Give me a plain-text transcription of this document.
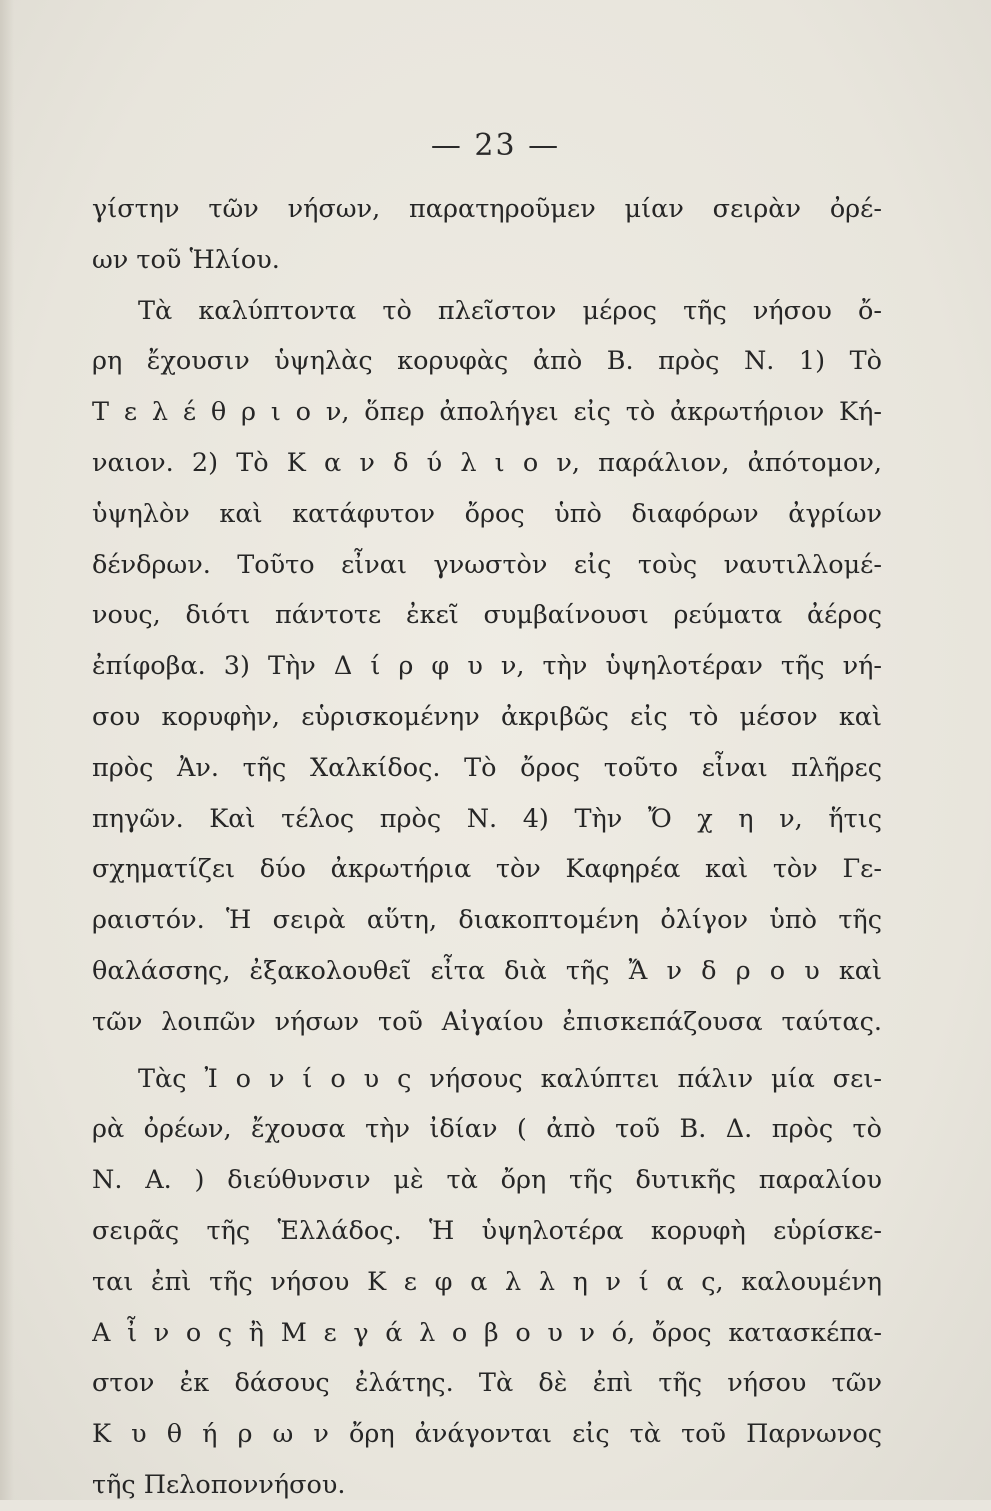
— 23 —
γίστην τῶν νήσων, παρατηροῦμεν μίαν σειρὰν ὀρέ-
ων τοῦ Ἡλίου.
Τὰ καλύπτοντα τὸ πλεῖστον μέρος τῆς νήσου ὄ-
ρη ἔχουσιν ὑψηλὰς κορυφὰς ἀπὸ Β. πρὸς Ν. 1) Τὸ
Τ ε λ έ θ ρ ι ο ν, ὅπερ ἀπολήγει εἰς τὸ ἀκρωτήριον Κή-
ναιον. 2) Τὸ Κ α ν δ ύ λ ι ο ν, παράλιον, ἀπότομον,
ὑψηλὸν καὶ κατάφυτον ὄρος ὑπὸ διαφόρων ἀγρίων
δένδρων. Τοῦτο εἶναι γνωστὸν εἰς τοὺς ναυτιλλομέ-
νους, διότι πάντοτε ἐκεῖ συμβαίνουσι ρεύματα ἀέρος
ἐπίφοβα. 3) Τὴν Δ ί ρ φ υ ν, τὴν ὑψηλοτέραν τῆς νή-
σου κορυφὴν, εὑρισκομένην ἀκριβῶς εἰς τὸ μέσον καὶ
πρὸς Ἀν. τῆς Χαλκίδος. Τὸ ὄρος τοῦτο εἶναι πλῆρες
πηγῶν. Καὶ τέλος πρὸς Ν. 4) Τὴν Ὄ χ η ν, ἥτις
σχηματίζει δύο ἀκρωτήρια τὸν Καφηρέα καὶ τὸν Γε-
ραιστόν. Ἡ σειρὰ αὕτη, διακοπτομένη ὀλίγον ὑπὸ τῆς
θαλάσσης, ἐξακολουθεῖ εἶτα διὰ τῆς Ἄ ν δ ρ ο υ καὶ
τῶν λοιπῶν νήσων τοῦ Αἰγαίου ἐπισκεπάζουσα ταύτας.
Τὰς Ἰ ο ν ί ο υ ς νήσους καλύπτει πάλιν μία σει-
ρὰ ὀρέων, ἔχουσα τὴν ἰδίαν ( ἀπὸ τοῦ Β. Δ. πρὸς τὸ
Ν. Α. ) διεύθυνσιν μὲ τὰ ὄρη τῆς δυτικῆς παραλίου
σειρᾶς τῆς Ἑλλάδος. Ἡ ὑψηλοτέρα κορυφὴ εὑρίσκε-
ται ἐπὶ τῆς νήσου Κ ε φ α λ λ η ν ί α ς, καλουμένη
Α ἶ ν ο ς ἢ Μ ε γ ά λ ο β ο υ ν ό, ὄρος κατασκέπα-
στον ἐκ δάσους ἐλάτης. Τὰ δὲ ἐπὶ τῆς νήσου τῶν
Κ υ θ ή ρ ω ν ὄρη ἀνάγονται εἰς τὰ τοῦ Παρνωνος
τῆς Πελοποννήσου.
